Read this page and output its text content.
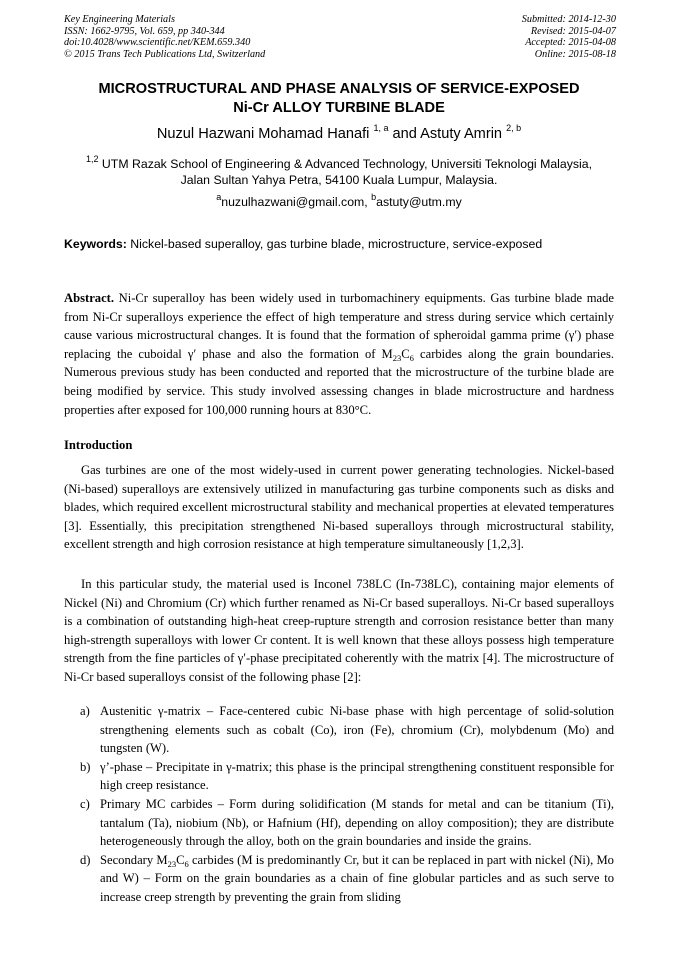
Key Engineering Materials
ISSN: 1662-9795, Vol. 659, pp 340-344
doi:10.4028/www.scientific.net/KEM.659.340
© 2015 Trans Tech Publications Ltd, Switzerland
Submitted: 2014-12-30
Revised: 2015-04-07
Accepted: 2015-04-08
Online: 2015-08-18
MICROSTRUCTURAL AND PHASE ANALYSIS OF SERVICE-EXPOSED
Ni-Cr ALLOY TURBINE BLADE
Nuzul Hazwani Mohamad Hanafi $^{1, a}$ and Astuty Amrin $^{2, b}$
$^{1,2}$ UTM Razak School of Engineering & Advanced Technology, Universiti Teknologi Malaysia,
Jalan Sultan Yahya Petra, 54100 Kuala Lumpur, Malaysia.
$^a$nuzulhazwani@gmail.com, $^b$astuty@utm.my
Keywords: Nickel-based superalloy, gas turbine blade, microstructure, service-exposed

Abstract. Ni-Cr superalloy has been widely used in turbomachinery equipments. Gas turbine blade made from Ni-Cr superalloys experience the effect of high temperature and stress during service which certainly cause various microstructural changes. It is found that the formation of spheroidal gamma prime (γ′) phase replacing the cuboidal γ′ phase and also the formation of $M_{23}C_6$ carbides along the grain boundaries. Numerous previous study has been conducted and reported that the microstructure of the turbine blade are being modified by service. This study involved assessing changes in blade microstructure and hardness properties after exposed for 100,000 running hours at 830°C.

Introduction

Gas turbines are one of the most widely-used in current power generating technologies. Nickel-based (Ni-based) superalloys are extensively utilized in manufacturing gas turbine components such as disks and blades, which required excellent microstructural stability and mechanical properties at elevated temperatures [3]. Essentially, this precipitation strengthened Ni-based superalloys through microstructural stability, excellent strength and high corrosion resistance at high temperature simultaneously [1,2,3].

In this particular study, the material used is Inconel 738LC (In-738LC), containing major elements of Nickel (Ni) and Chromium (Cr) which further renamed as Ni-Cr based superalloys. Ni-Cr based superalloys is a combination of outstanding high-heat creep-rupture strength and corrosion resistance better than many high-strength superalloys with lower Cr content. It is well known that these alloys possess high temperature strength from the fine particles of γ′-phase precipitated coherently with the matrix [4]. The microstructure of Ni-Cr based superalloys consist of the following phase [2]:

a) Austenitic γ-matrix – Face-centered cubic Ni-base phase with high percentage of solid-solution strengthening elements such as cobalt (Co), iron (Fe), chromium (Cr), molybdenum (Mo) and tungsten (W).
b) γ’-phase – Precipitate in γ-matrix; this phase is the principal strengthening constituent responsible for high creep resistance.
c) Primary MC carbides – Form during solidification (M stands for metal and can be titanium (Ti), tantalum (Ta), niobium (Nb), or Hafnium (Hf), depending on alloy composition); they are distribute heterogeneously through the alloy, both on the grain boundaries and inside the grains.
d) Secondary $M_{23}C_6$ carbides (M is predominantly Cr, but it can be replaced in part with nickel (Ni), Mo and W) – Form on the grain boundaries as a chain of fine globular particles and as such serve to increase creep strength by preventing the grain from sliding
